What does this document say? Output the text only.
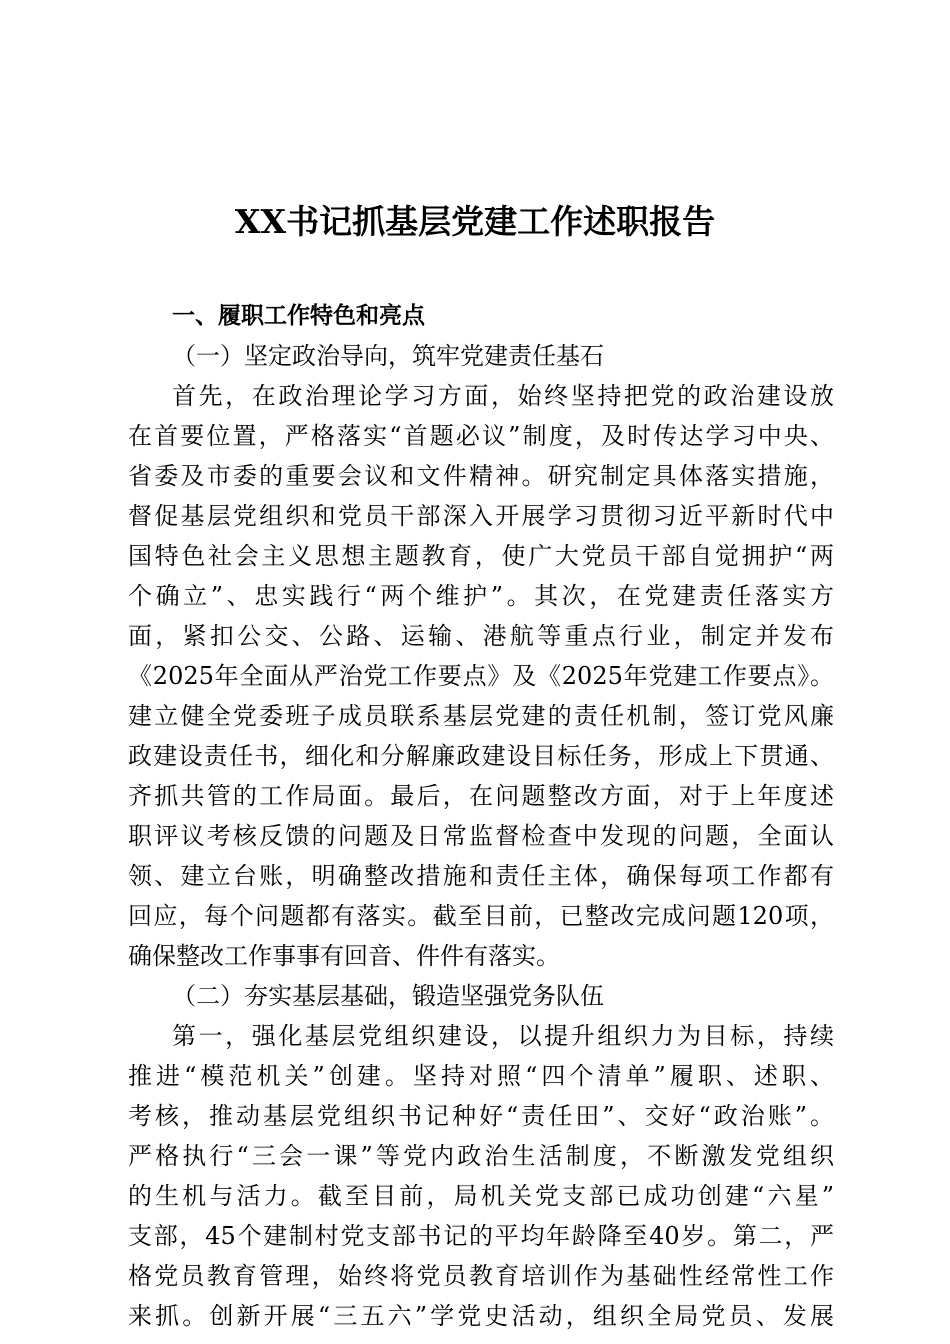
XX书记抓基层党建工作述职报告
一、履职工作特色和亮点
（一）坚定政治导向，筑牢党建责任基石
首先，在政治理论学习方面，始终坚持把党的政治建设放
在首要位置，严格落实“首题必议”制度，及时传达学习中央、
省委及市委的重要会议和文件精神。研究制定具体落实措施，
督促基层党组织和党员干部深入开展学习贯彻习近平新时代中
国特色社会主义思想主题教育，使广大党员干部自觉拥护“两
个确立”、忠实践行“两个维护”。其次，在党建责任落实方
面，紧扣公交、公路、运输、港航等重点行业，制定并发布
《2025年全面从严治党工作要点》及《2025年党建工作要点》。
建立健全党委班子成员联系基层党建的责任机制，签订党风廉
政建设责任书，细化和分解廉政建设目标任务，形成上下贯通、
齐抓共管的工作局面。最后，在问题整改方面，对于上年度述
职评议考核反馈的问题及日常监督检查中发现的问题，全面认
领、建立台账，明确整改措施和责任主体，确保每项工作都有
回应，每个问题都有落实。截至目前，已整改完成问题120项，
确保整改工作事事有回音、件件有落实。
（二）夯实基层基础，锻造坚强党务队伍
第一，强化基层党组织建设，以提升组织力为目标，持续
推进“模范机关”创建。坚持对照“四个清单”履职、述职、
考核，推动基层党组织书记种好“责任田”、交好“政治账”。
严格执行“三会一课”等党内政治生活制度，不断激发党组织
的生机与活力。截至目前，局机关党支部已成功创建“六星”
支部，45个建制村党支部书记的平均年龄降至40岁。第二，严
格党员教育管理，始终将党员教育培训作为基础性经常性工作
来抓。创新开展“三五六”学党史活动，组织全局党员、发展
